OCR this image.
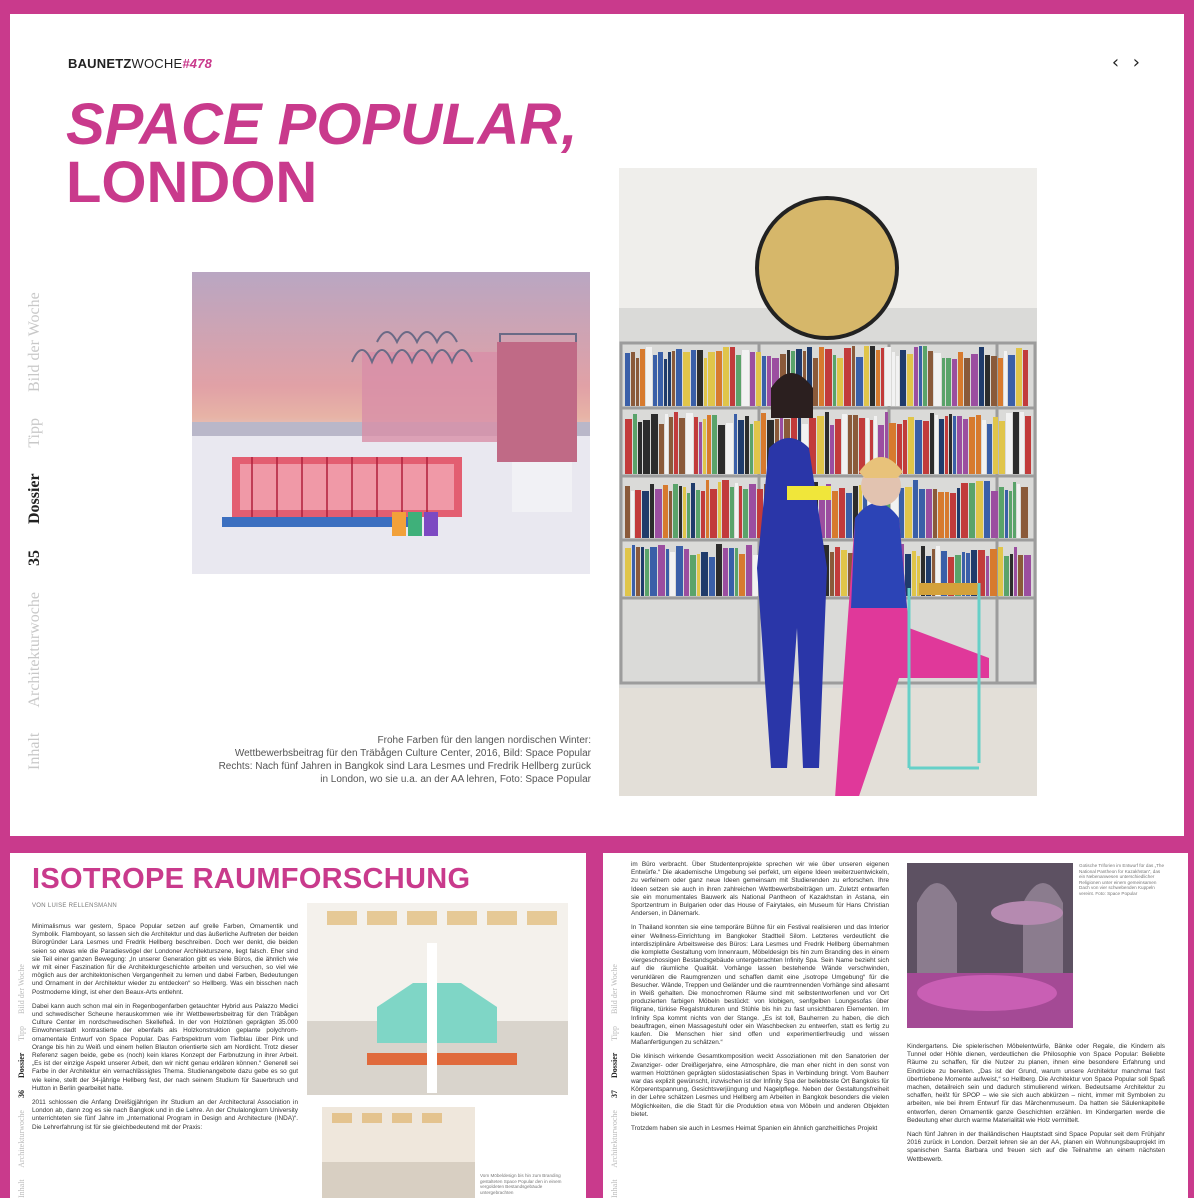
BAUNETZWOCHE#478	‹ ›
SPACE POPULAR,
LONDON
Inhalt Architekturwoche 35 Dossier Tipp Bild der Woche
Frohe Farben für den langen nordischen Winter:
Wettbewerbsbeitrag für den Träbågen Culture Center, 2016, Bild: Space Popular
Rechts: Nach fünf Jahren in Bangkok sind Lara Lesmes und Fredrik Hellberg zurück
in London, wo sie u.a. an der AA lehren, Foto: Space Popular
ISOTROPE RAUMFORSCHUNG
VON LUISE RELLENSMANN
Inhalt Architekturwoche 36 Dossier Tipp Bild der Woche

Minimalismus war gestern, Space Popular setzen auf grelle Farben, Ornamentik und Symbolik. Flamboyant, so lassen sich die Architektur und das äußerliche Auftreten der beiden Bürogründer Lara Lesmes und Fredrik Hellberg beschreiben. Doch wer denkt, die beiden seien so etwas wie die Paradiesvögel der Londoner Architekturszene, liegt falsch. Eher sind sie Teil einer ganzen Bewegung: „In unserer Generation gibt es viele Büros, die ähnlich wie wir mit einer Faszination für die Architekturgeschichte arbeiten und versuchen, so viel wie möglich aus der architektonischen Vergangenheit zu lernen und dabei Farben, Bedeutungen und Ornament in der Architektur wieder zu entdecken“ so Hellberg. Was ein bisschen nach Postmoderne klingt, ist eher den Beaux-Arts entlehnt.

Dabei kann auch schon mal ein in Regenbogenfarben getauchter Hybrid aus Palazzo Medici und schwedischer Scheune herauskommen wie ihr Wettbewerbsbeitrag für den Träbågen Culture Center im nordschwedischen Skellefteå. In der von Holztönen geprägten 35.000 Einwohnerstadt kontrastierte der ebenfalls als Holzkonstruktion geplante polychrom-ornamentale Entwurf von Space Popular. Das Farbspektrum vom Tiefblau über Pink und Orange bis hin zu Weiß und einem hellen Blauton orientierte sich am Nordlicht. Trotz dieser Referenz sagen beide, gebe es (noch) kein klares Konzept der Farbnutzung in ihrer Arbeit. „Es ist der einzige Aspekt unserer Arbeit, den wir nicht genau erklären können.“ Generell sei Farbe in der Architektur ein vernachlässigtes Thema. Studienangebote dazu gebe es so gut wie keine, stellt der 34-jährige Hellberg fest, der nach seinem Studium für Sauerbruch und Hutton in Berlin gearbeitet hatte.

2011 schlossen die Anfang Dreißigjährigen ihr Studium an der Architectural Association in London ab, dann zog es sie nach Bangkok und in die Lehre. An der Chulalongkorn University unterrichteten sie fünf Jahre im „International Program in Design and Architecture (INDA)“. Die Lehrerfahrung ist für sie gleichbedeutend mit der Praxis:

Vom Möbeldesign bis hin zum Branding gestalteten Space Popular den in einem vergoldeten Bestandsgebäude untergebrachten	Inhalt Architekturwoche 37 Dossier Tipp Bild der Woche

im Büro verbracht. Über Studentenprojekte sprechen wir wie über unseren eigenen Entwürfe.“ Die akademische Umgebung sei perfekt, um eigene Ideen weiterzuentwickeln, zu verfeinern oder ganz neue Ideen gemeinsam mit Studierenden zu erforschen. Ihre Ideen setzen sie auch in ihren zahlreichen Wettbewerbsbeiträgen um. Zuletzt entwarfen sie ein monumentales Bauwerk als National Pantheon of Kazakhstan in Astana, ein Sportzentrum in Bulgarien oder das House of Fairytales, ein Museum für Hans Christian Andersen, in Dänemark.

In Thailand konnten sie eine temporäre Bühne für ein Festival realisieren und das Interior einer Wellness-Einrichtung im Bangkoker Stadtteil Silom. Letzteres verdeutlicht die interdisziplinäre Arbeitsweise des Büros: Lara Lesmes und Fredrik Hellberg übernahmen die komplette Gestaltung vom Innenraum, Möbeldesign bis hin zum Branding des in einem viergeschossigen Bestandsgebäude untergebrachten Infinity Spa. Sein Name bezieht sich auf die räumliche Qualität. Vorhänge lassen bestehende Wände verschwinden, verunklären die Raumgrenzen und schaffen damit eine „isotrope Umgebung“ für die Besucher. Wände, Treppen und Geländer und die raumtrennenden Vorhänge sind allesamt in Weiß gehalten. Die monochromen Räume sind mit selbstentworfenen und vor Ort produzierten farbigen Möbeln bestückt: von klobigen, senfgelben Loungesofas über filigrane, türkise Regalstrukturen und Stühle bis hin zu fast unsichtbaren Elementen. Im Infinity Spa kommt nichts von der Stange. „Es ist toll, Bauherren zu haben, die dich beauftragen, einen Massagestuhl oder ein Waschbecken zu entwerfen, statt es fertig zu kaufen. Die Menschen hier sind offen und experimentierfreudig und wissen Maßanfertigungen zu schätzen.“

Die klinisch wirkende Gesamtkomposition weckt Assoziationen mit den Sanatorien der Zwanziger- oder Dreißigerjahre, eine Atmosphäre, die man eher nicht in den sonst von warmen Holztönen geprägten südostasiatischen Spas in Verbindung bringt. Vom Bauherr war das explizit gewünscht, inzwischen ist der Infinity Spa der beliebteste Ort Bangkoks für Körperentspannung, Gesichtsverjüngung und Nagelpflege. Neben der Gestaltungsfreiheit in der Lehre schätzen Lesmes und Hellberg am Arbeiten in Bangkok besonders die vielen Möglichkeiten, die die Stadt für die Produktion etwa von Möbeln und anderen Objekten bietet.

Trotzdem haben sie auch in Lesmes Heimat Spanien ein ähnlich ganzheitliches Projekt

Gotische Triforien im Entwurf für das „The National Pantheon for Kazakhstan“, das ein Nebenanwesen unterschiedlicher Religionen unter einem gemeinsamen Dach von vier schwebenden Kuppeln vereint. Foto: Space Popular

Kindergartens. Die spielerischen Möbelentwürfe, Bänke oder Regale, die Kindern als Tunnel oder Höhle dienen, verdeutlichen die Philosophie von Space Popular: Beliebte Räume zu schaffen, für die Nutzer zu planen, ihnen eine besondere Erfahrung und Eindrücke zu bereiten. „Das ist der Grund, warum unsere Architektur manchmal fast übertriebene Momente aufweist,“ so Hellberg. Die Architektur von Space Popular soll Spaß machen, detailreich sein und dadurch stimulierend wirken. Bedeutsame Architektur zu schaffen, heißt für SPOP – wie sie sich auch abkürzen – nicht, immer mit Symbolen zu arbeiten, wie bei ihrem Entwurf für das Märchenmuseum. Da hatten sie Säulenkapitelle entworfen, deren Ornamentik ganze Geschichten erzählen. Im Kindergarten werde die Bedeutung eher durch warme Materialität wie Holz vermittelt.

Nach fünf Jahren in der thailändischen Hauptstadt sind Space Popular seit dem Frühjahr 2016 zurück in London. Derzeit lehren sie an der AA, planen ein Wohnungsbauprojekt im spanischen Santa Barbara und freuen sich auf die Teilnahme an einem nächsten Wettbewerb.
